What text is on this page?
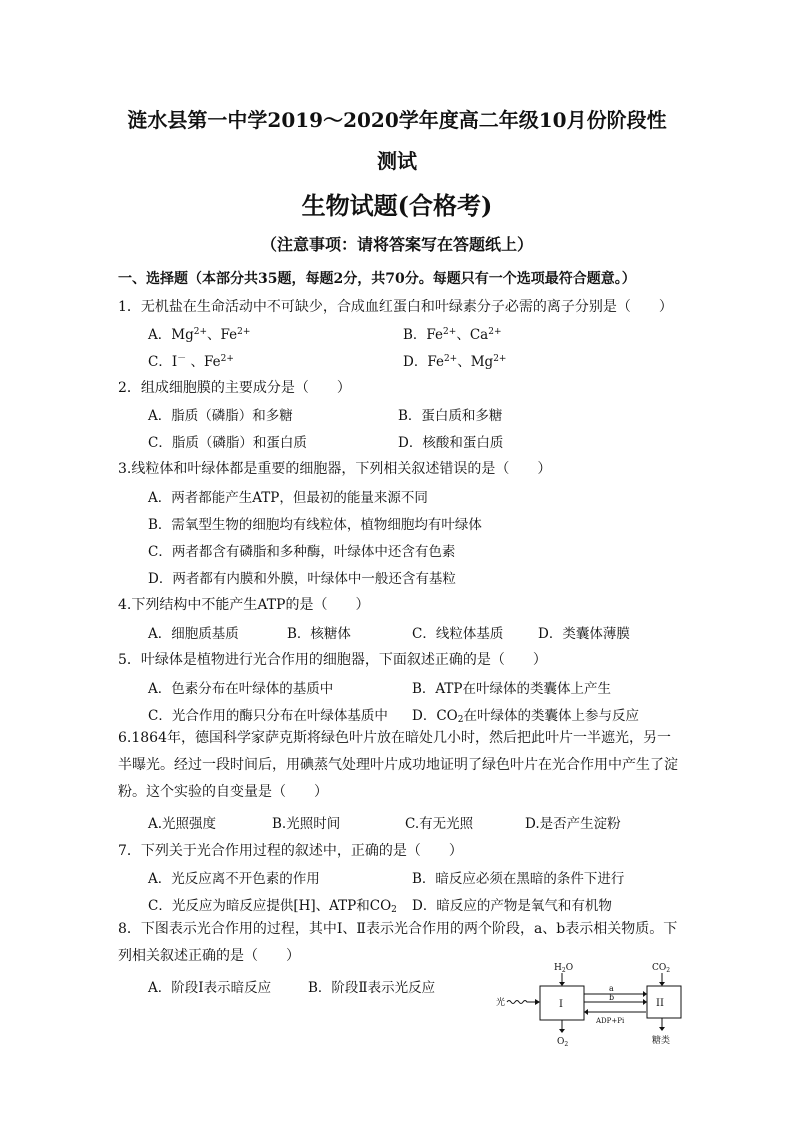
涟水县第一中学2019～2020学年度高二年级10月份阶段性
测试
生物试题(合格考)
（注意事项：请将答案写在答题纸上）
一、选择题（本部分共35题，每题2分，共70分。每题只有一个选项最符合题意。）
1．无机盐在生命活动中不可缺少，合成血红蛋白和叶绿素分子必需的离子分别是（　　）
A．$Mg^{2+}$、$Fe^{2+}$	B．$Fe^{2+}$、$Ca^{2+}$
C．I－ 、$Fe^{2+}$	D．$Fe^{2+}$、$Mg^{2+}$
2．组成细胞膜的主要成分是（　　）
A．脂质（磷脂）和多糖	B．蛋白质和多糖
C．脂质（磷脂）和蛋白质	D．核酸和蛋白质
3.线粒体和叶绿体都是重要的细胞器，下列相关叙述错误的是（　　）
A．两者都能产生ATP，但最初的能量来源不同
B．需氧型生物的细胞均有线粒体，植物细胞均有叶绿体
C．两者都含有磷脂和多种酶，叶绿体中还含有色素
D．两者都有内膜和外膜，叶绿体中一般还含有基粒
4.下列结构中不能产生ATP的是（　　）
A．细胞质基质	B．核糖体	C．线粒体基质	D．类囊体薄膜
5．叶绿体是植物进行光合作用的细胞器，下面叙述正确的是（　　）
A．色素分布在叶绿体的基质中	B．ATP在叶绿体的类囊体上产生
C．光合作用的酶只分布在叶绿体基质中 D．$CO_2$在叶绿体的类囊体上参与反应
6.1864年，德国科学家萨克斯将绿色叶片放在暗处几小时，然后把此叶片一半遮光，另一半曝光。经过一段时间后，用碘蒸气处理叶片成功地证明了绿色叶片在光合作用中产生了淀粉。这个实验的自变量是（　　）
A.光照强度	B.光照时间	C.有无光照	D.是否产生淀粉
7．下列关于光合作用过程的叙述中，正确的是（　　）
A．光反应离不开色素的作用	B．暗反应必须在黑暗的条件下进行
C．光反应为暗反应提供[H]、ATP和$CO_2$ D．暗反应的产物是氧气和有机物
8．下图表示光合作用的过程，其中Ⅰ、Ⅱ表示光合作用的两个阶段，a、b表示相关物质。下列相关叙述正确的是（　　）
A．阶段Ⅰ表示暗反应	B．阶段Ⅱ表示光反应
$H_2O$
光	I
$O_2$
a
b
ADP+Pi
$CO_2$
II
糖类
